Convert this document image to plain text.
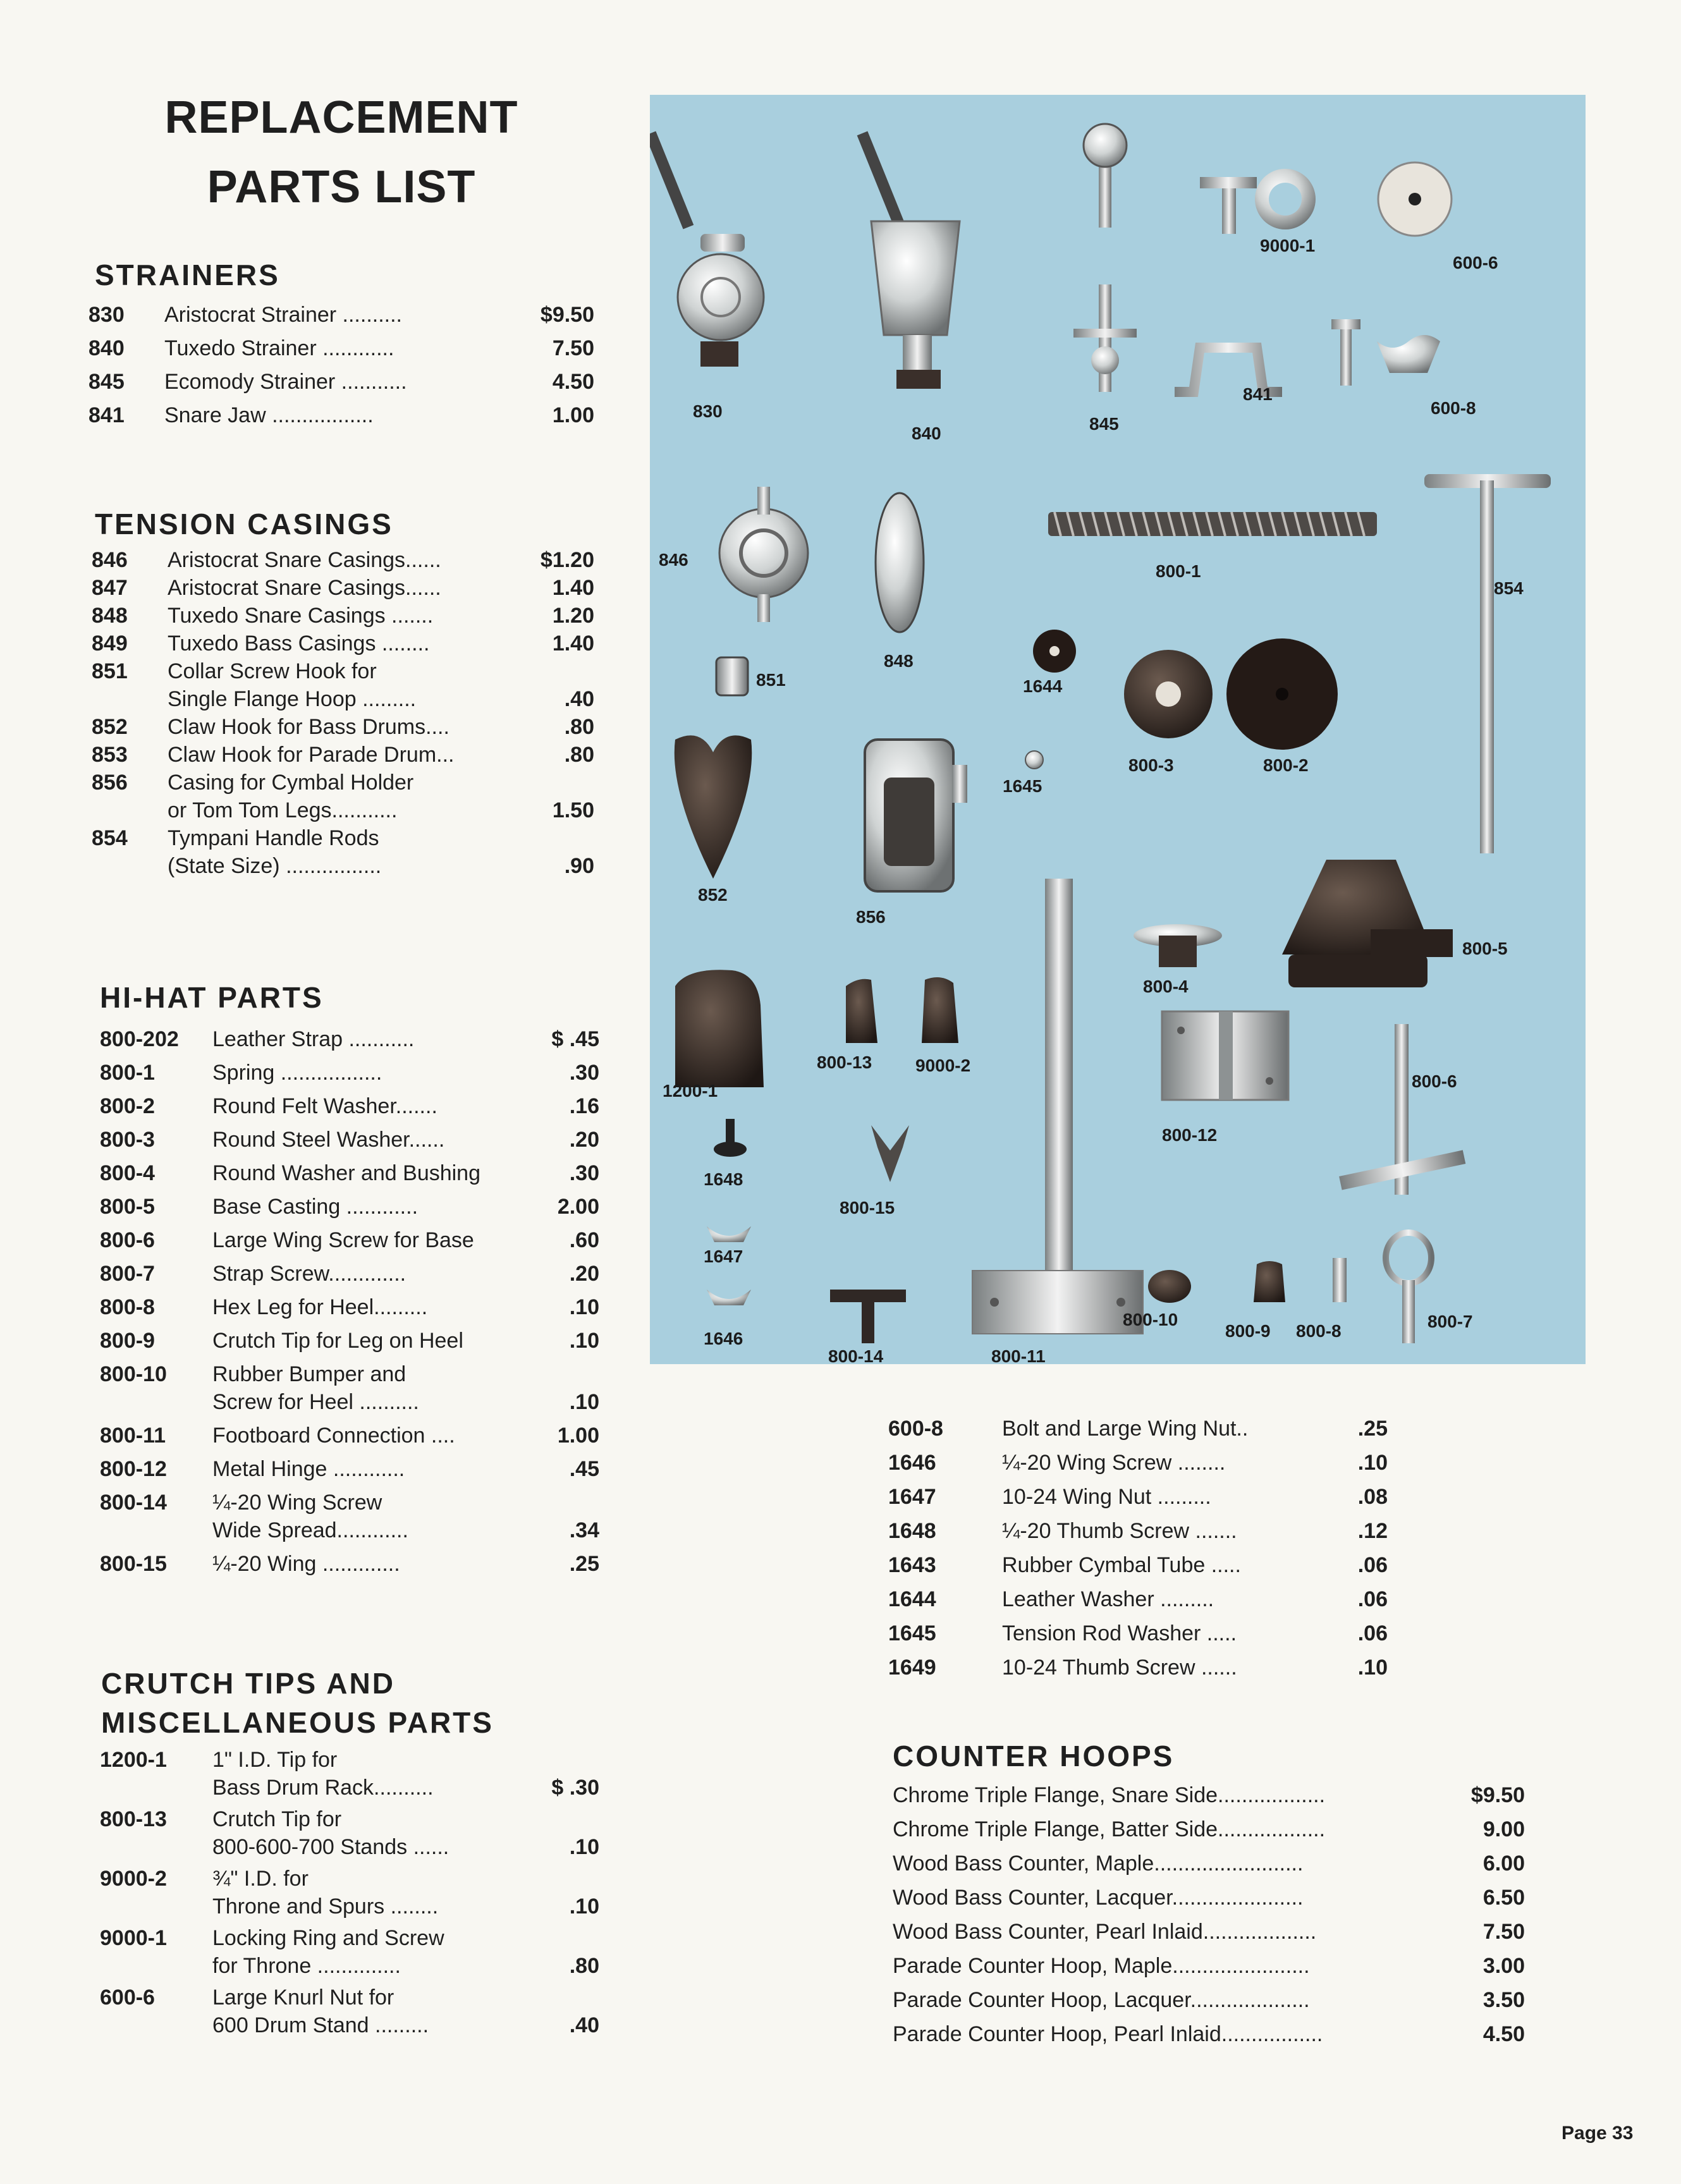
REPLACEMENT
PARTS LIST
STRAINERS
830	Aristocrat Strainer ..........	$9.50
840	Tuxedo Strainer ............	7.50
845	Ecomody Strainer ...........	4.50
841	Snare Jaw .................	1.00
TENSION CASINGS
846	Aristocrat Snare Casings......	$1.20
847	Aristocrat Snare Casings......	1.40
848	Tuxedo Snare Casings .......	1.20
849	Tuxedo Bass Casings ........	1.40
851	Collar Screw Hook for
Single Flange Hoop .........	.40
852	Claw Hook for Bass Drums....	.80
853	Claw Hook for Parade Drum...	.80
856	Casing for Cymbal Holder
or Tom Tom Legs...........	1.50
854	Tympani Handle Rods
(State Size) ................	.90
HI-HAT PARTS
800-202	Leather Strap ...........	$ .45
800-1	Spring .................	.30
800-2	Round Felt Washer.......	.16
800-3	Round Steel Washer......	.20
800-4	Round Washer and Bushing	.30
800-5	Base Casting ............	2.00
800-6	Large Wing Screw for Base	.60
800-7	Strap Screw.............	.20
800-8	Hex Leg for Heel.........	.10
800-9	Crutch Tip for Leg on Heel	.10
800-10	Rubber Bumper and
Screw for Heel ..........	.10
800-11	Footboard Connection ....	1.00
800-12	Metal Hinge ............	.45
800-14	¼-20 Wing Screw
Wide Spread............	.34
800-15	¼-20 Wing .............	.25
CRUTCH TIPS AND
MISCELLANEOUS PARTS
1200-1	1" I.D. Tip for
Bass Drum Rack..........	$ .30
800-13	Crutch Tip for
800-600-700 Stands ......	.10
9000-2	¾" I.D. for
Throne and Spurs ........	.10
9000-1	Locking Ring and Screw
for Throne ..............	.80
600-6	Large Knurl Nut for
600 Drum Stand .........	.40
830
840	845
841
9000-1
600-6
600-8
846
848
851
800-1
854
1644
800-3	800-2
1645
852
856
800-5
800-4
1200-1
800-13 9000-2
800-6
800-12
1648
800-15
1647
1646
800-14	800-11
800-10
800-9 800-8	800-7
600-8	Bolt and Large Wing Nut..	.25
1646	¼-20 Wing Screw ........	.10
1647	10-24 Wing Nut .........	.08
1648	¼-20 Thumb Screw .......	.12
1643	Rubber Cymbal Tube .....	.06
1644	Leather Washer .........	.06
1645	Tension Rod Washer .....	.06
1649	10-24 Thumb Screw ......	.10
COUNTER HOOPS
Chrome Triple Flange, Snare Side..................	$9.50
Chrome Triple Flange, Batter Side..................	9.00
Wood Bass Counter, Maple.........................	6.00
Wood Bass Counter, Lacquer......................	6.50
Wood Bass Counter, Pearl Inlaid...................	7.50
Parade Counter Hoop, Maple.......................	3.00
Parade Counter Hoop, Lacquer....................	3.50
Parade Counter Hoop, Pearl Inlaid.................	4.50
Page 33
